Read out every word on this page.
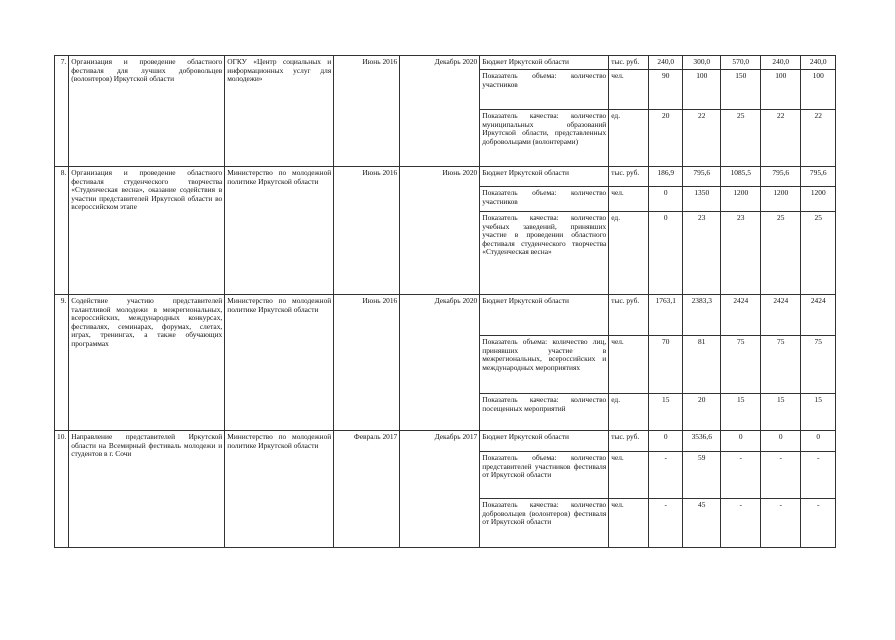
7.	Организация и проведение областного фестиваля для лучших добровольцев (волонтеров) Иркутской области	ОГКУ «Центр социальных и информационных услуг для молодежи»	Июнь 2016	Декабрь 2020	Бюджет Иркутской области	тыс. руб.	240,0	300,0	570,0	240,0	240,0
					Показатель объема: количество участников	чел.	90	100	150	100	100
					Показатель качества: количество муниципальных образований Иркутской области, представленных добровольцами (волонтерами)	ед.	20	22	25	22	22
8.	Организация и проведение областного фестиваля студенческого творчества «Студенческая весна», оказание содействия в участии представителей Иркутской области во всероссийском этапе	Министерство по молодежной политике Иркутской области	Июнь 2016	Июнь 2020	Бюджет Иркутской области	тыс. руб.	186,9	795,6	1085,5	795,6	795,6
					Показатель объема: количество участников	чел.	0	1350	1200	1200	1200
					Показатель качества: количество учебных заведений, принявших участие в проведении областного фестиваля студенческого творчества «Студенческая весна»	ед.	0	23	23	25	25
9.	Содействие участию представителей талантливой молодежи в межрегиональных, всероссийских, международных конкурсах, фестивалях, семинарах, форумах, слетах, играх, тренингах, а также обучающих программах	Министерство по молодежной политике Иркутской области	Июнь 2016	Декабрь 2020	Бюджет Иркутской области	тыс. руб.	1763,1	2383,3	2424	2424	2424
					Показатель объема: количество лиц, принявших участие в межрегиональных, всероссийских и международных мероприятиях	чел.	70	81	75	75	75
					Показатель качества: количество посещенных мероприятий	ед.	15	20	15	15	15
10.	Направление представителей Иркутской области на Всемирный фестиваль молодежи и студентов в г. Сочи	Министерство по молодежной политике Иркутской области	Февраль 2017	Декабрь 2017	Бюджет Иркутской области	тыс. руб.	0	3536,6	0	0	0
					Показатель объема: количество представителей участников фестиваля от Иркутской области	чел.	-	59	-	-	-
					Показатель качества: количество добровольцев (волонтеров) фестиваля от Иркутской области	чел.	-	45	-	-	-
